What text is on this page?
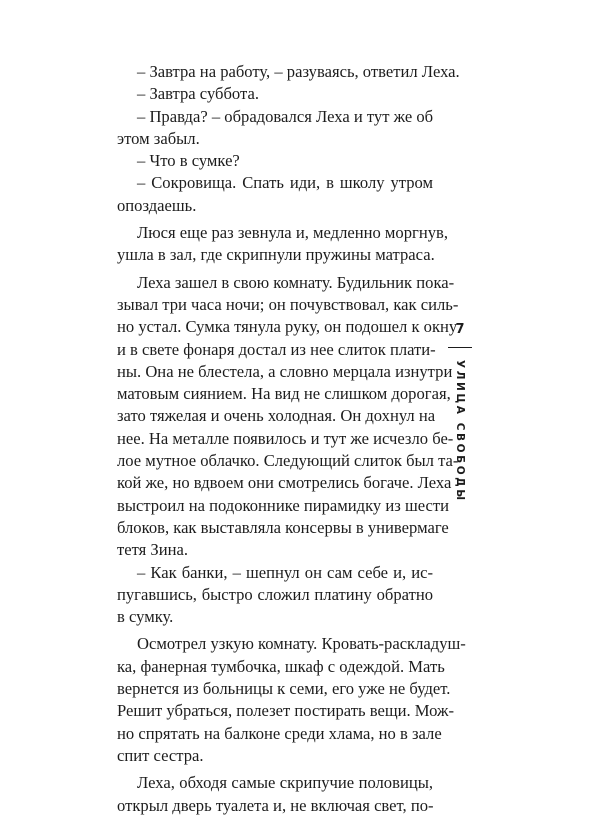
– Завтра на работу, – разуваясь, ответил Леха.
– Завтра суббота.
– Правда? – обрадовался Леха и тут же об
этом забыл.
– Что в сумке?
– Сокровища. Спать иди, в школу утром
опоздаешь.
Люся еще раз зевнула и, медленно моргнув,
ушла в зал, где скрипнули пружины матраса.
Леха зашел в свою комнату. Будильник пока-
зывал три часа ночи; он почувствовал, как силь-
но устал. Сумка тянула руку, он подошел к окну
и в свете фонаря достал из нее слиток плати-
ны. Она не блестела, а словно мерцала изнутри
матовым сиянием. На вид не слишком дорогая,
зато тяжелая и очень холодная. Он дохнул на
нее. На металле появилось и тут же исчезло бе-
лое мутное облачко. Следующий слиток был та-
кой же, но вдвоем они смотрелись богаче. Леха
выстроил на подоконнике пирамидку из шести
блоков, как выставляла консервы в универмаге
тетя Зина.
– Как банки, – шепнул он сам себе и, ис-
пугавшись, быстро сложил платину обратно
в сумку.
Осмотрел узкую комнату. Кровать-раскладуш-
ка, фанерная тумбочка, шкаф с одеждой. Мать
вернется из больницы к семи, его уже не будет.
Решит убраться, полезет постирать вещи. Мож-
но спрятать на балконе среди хлама, но в зале
спит сестра.
Леха, обходя самые скрипучие половицы,
открыл дверь туалета и, не включая свет, по-
7
УЛИЦА СВОБОДЫ
